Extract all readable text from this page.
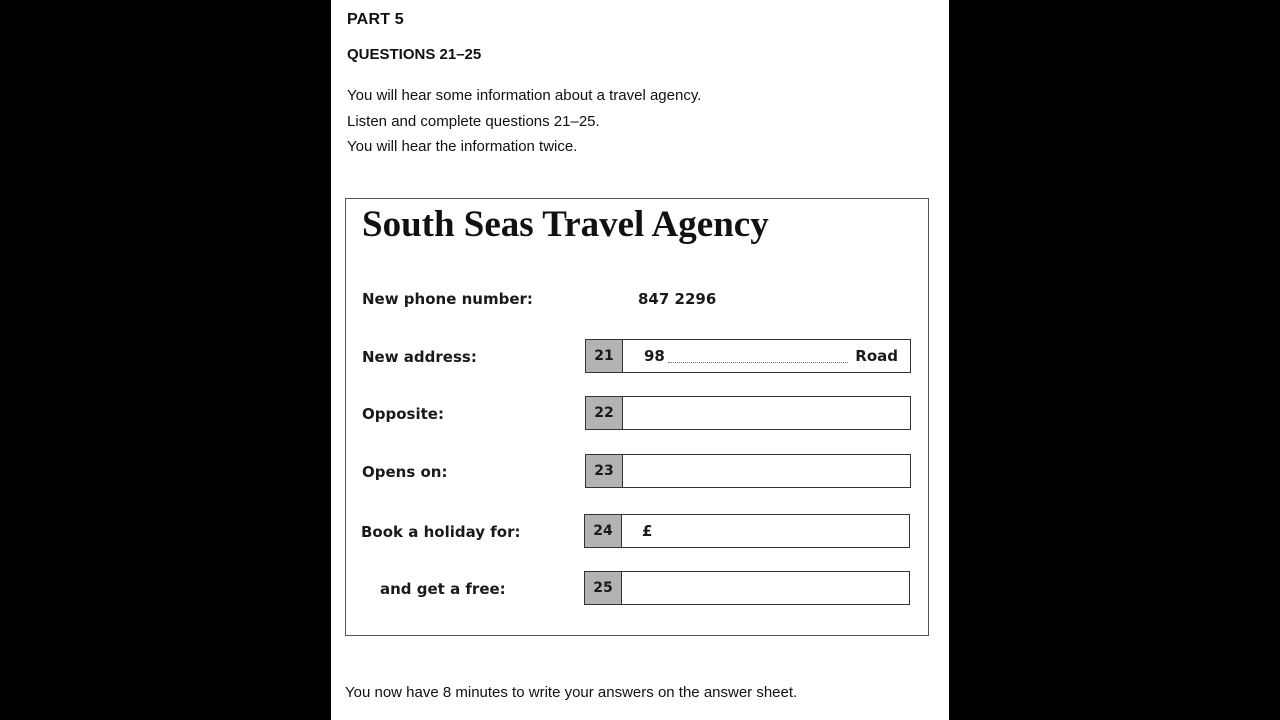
PART 5
QUESTIONS 21–25
You will hear some information about a travel agency.
Listen and complete questions 21–25.
You will hear the information twice.
South Seas Travel Agency
New phone number:	847 2296
New address:	21	98	Road
Opposite:	22
Opens on:	23
Book a holiday for:	24	£
and get a free:	25
You now have 8 minutes to write your answers on the answer sheet.
